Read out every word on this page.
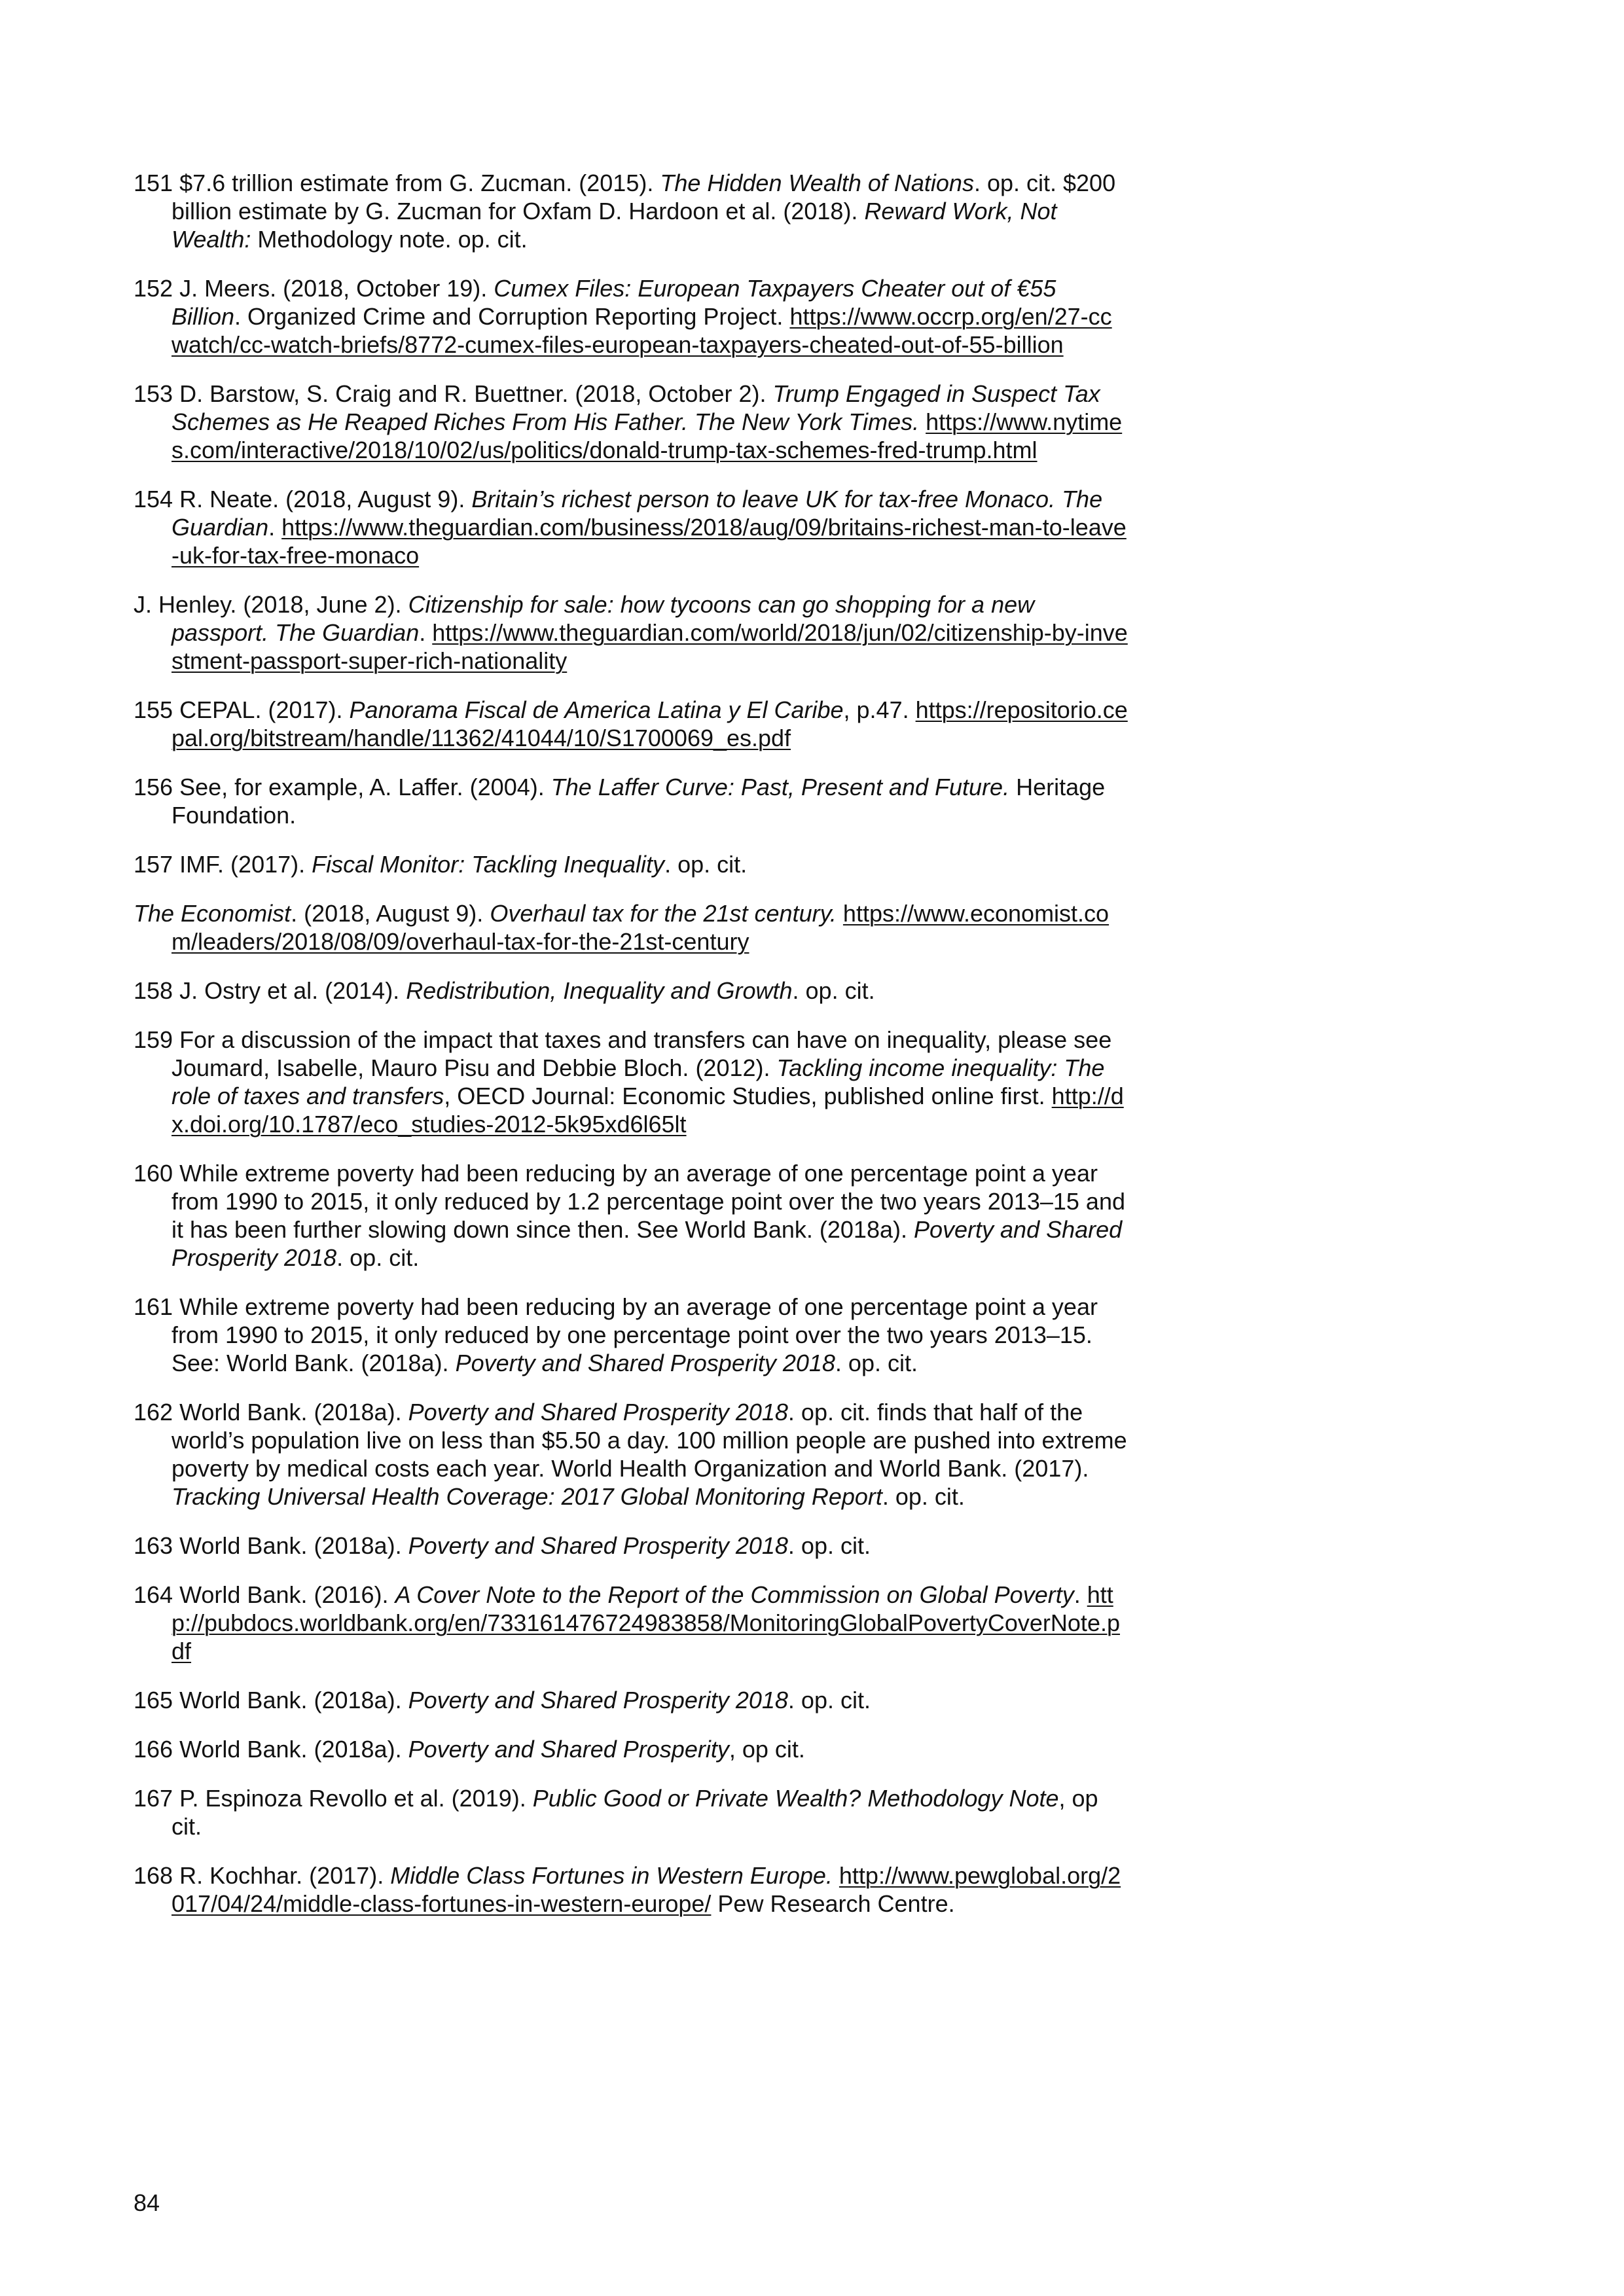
151 $7.6 trillion estimate from G. Zucman. (2015). The Hidden Wealth of Nations. op. cit. $200 billion estimate by G. Zucman for Oxfam D. Hardoon et al. (2018). Reward Work, Not Wealth: Methodology note. op. cit.

152 J. Meers. (2018, October 19). Cumex Files: European Taxpayers Cheater out of €55 Billion. Organized Crime and Corruption Reporting Project. https://www.occrp.org/en/27-ccwatch/cc-watch-briefs/8772-cumex-files-european-taxpayers-cheated-out-of-55-billion

153 D. Barstow, S. Craig and R. Buettner. (2018, October 2). Trump Engaged in Suspect Tax Schemes as He Reaped Riches From His Father. The New York Times. https://www.nytimes.com/interactive/2018/10/02/us/politics/donald-trump-tax-schemes-fred-trump.html

154 R. Neate. (2018, August 9). Britain’s richest person to leave UK for tax-free Monaco. The Guardian. https://www.theguardian.com/business/2018/aug/09/britains-richest-man-to-leave-uk-for-tax-free-monaco

J. Henley. (2018, June 2). Citizenship for sale: how tycoons can go shopping for a new passport. The Guardian. https://www.theguardian.com/world/2018/jun/02/citizenship-by-investment-passport-super-rich-nationality

155 CEPAL. (2017). Panorama Fiscal de America Latina y El Caribe, p.47. https://repositorio.cepal.org/bitstream/handle/11362/41044/10/S1700069_es.pdf

156 See, for example, A. Laffer. (2004). The Laffer Curve: Past, Present and Future. Heritage Foundation.

157 IMF. (2017). Fiscal Monitor: Tackling Inequality. op. cit.

The Economist. (2018, August 9). Overhaul tax for the 21st century. https://www.economist.com/leaders/2018/08/09/overhaul-tax-for-the-21st-century

158 J. Ostry et al. (2014). Redistribution, Inequality and Growth. op. cit.

159 For a discussion of the impact that taxes and transfers can have on inequality, please see Joumard, Isabelle, Mauro Pisu and Debbie Bloch. (2012). Tackling income inequality: The role of taxes and transfers, OECD Journal: Economic Studies, published online first. http://dx.doi.org/10.1787/eco_studies-2012-5k95xd6l65lt

160 While extreme poverty had been reducing by an average of one percentage point a year from 1990 to 2015, it only reduced by 1.2 percentage point over the two years 2013–15 and it has been further slowing down since then. See World Bank. (2018a). Poverty and Shared Prosperity 2018. op. cit.

161 While extreme poverty had been reducing by an average of one percentage point a year from 1990 to 2015, it only reduced by one percentage point over the two years 2013–15. See: World Bank. (2018a). Poverty and Shared Prosperity 2018. op. cit.

162 World Bank. (2018a). Poverty and Shared Prosperity 2018. op. cit. finds that half of the world’s population live on less than $5.50 a day. 100 million people are pushed into extreme poverty by medical costs each year. World Health Organization and World Bank. (2017). Tracking Universal Health Coverage: 2017 Global Monitoring Report. op. cit.

163 World Bank. (2018a). Poverty and Shared Prosperity 2018. op. cit.

164 World Bank. (2016). A Cover Note to the Report of the Commission on Global Poverty. http://pubdocs.worldbank.org/en/733161476724983858/MonitoringGlobalPovertyCoverNote.pdf

165 World Bank. (2018a). Poverty and Shared Prosperity 2018. op. cit.

166 World Bank. (2018a). Poverty and Shared Prosperity, op cit.

167 P. Espinoza Revollo et al. (2019). Public Good or Private Wealth? Methodology Note, op cit.

168 R. Kochhar. (2017). Middle Class Fortunes in Western Europe. http://www.pewglobal.org/2017/04/24/middle-class-fortunes-in-western-europe/ Pew Research Centre.

84
